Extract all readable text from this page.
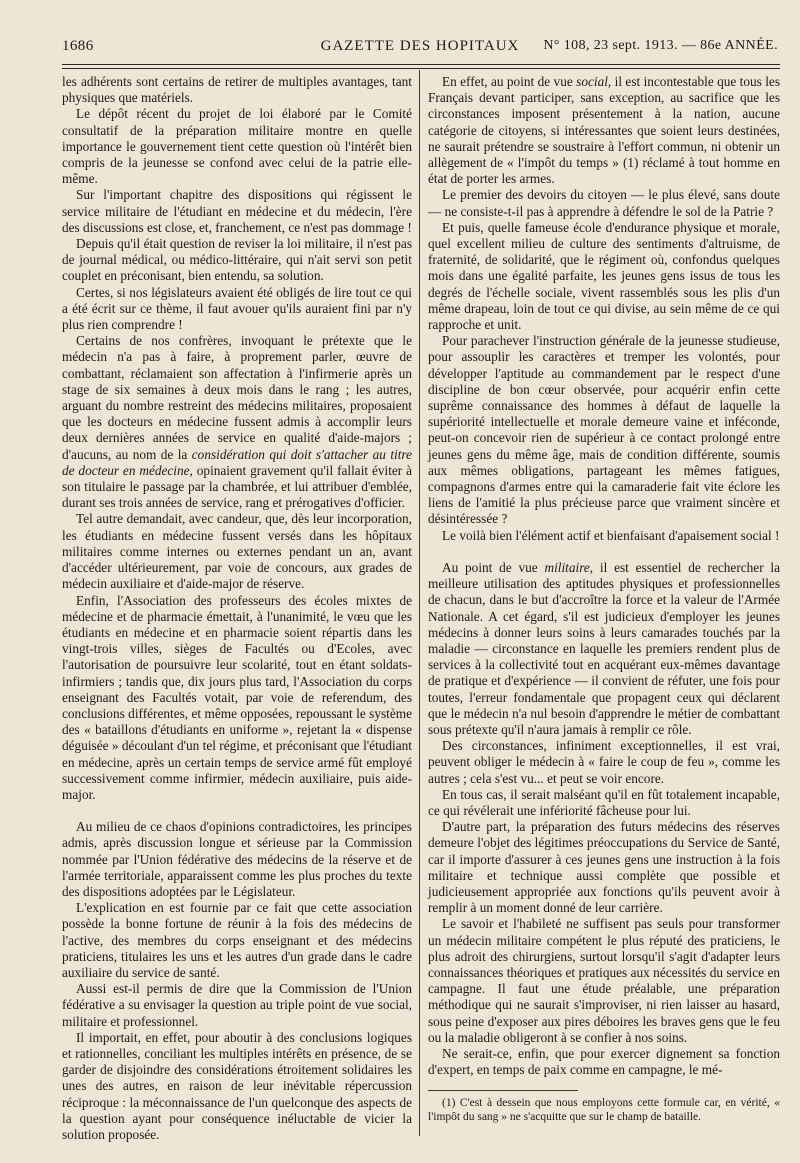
1686	GAZETTE DES HOPITAUX	N° 108, 23 sept. 1913. — 86e ANNÉE.

les adhérents sont certains de retirer de multiples avantages, tant physiques que matériels.

Le dépôt récent du projet de loi élaboré par le Comité consultatif de la préparation militaire montre en quelle importance le gouvernement tient cette question où l'intérêt bien compris de la jeunesse se confond avec celui de la patrie elle-même.

Sur l'important chapitre des dispositions qui régissent le service militaire de l'étudiant en médecine et du médecin, l'ère des discussions est close, et, franchement, ce n'est pas dommage !

Depuis qu'il était question de reviser la loi militaire, il n'est pas de journal médical, ou médico-littéraire, qui n'ait servi son petit couplet en préconisant, bien entendu, sa solution.

Certes, si nos législateurs avaient été obligés de lire tout ce qui a été écrit sur ce thème, il faut avouer qu'ils auraient fini par n'y plus rien comprendre !

Certains de nos confrères, invoquant le prétexte que le médecin n'a pas à faire, à proprement parler, œuvre de combattant, réclamaient son affectation à l'infirmerie après un stage de six semaines à deux mois dans le rang ; les autres, arguant du nombre restreint des médecins militaires, proposaient que les docteurs en médecine fussent admis à accomplir leurs deux dernières années de service en qualité d'aide-majors ; d'aucuns, au nom de la considération qui doit s'attacher au titre de docteur en médecine, opinaient gravement qu'il fallait éviter à son titulaire le passage par la chambrée, et lui attribuer d'emblée, durant ses trois années de service, rang et prérogatives d'officier.

Tel autre demandait, avec candeur, que, dès leur incorporation, les étudiants en médecine fussent versés dans les hôpitaux militaires comme internes ou externes pendant un an, avant d'accéder ultérieurement, par voie de concours, aux grades de médecin auxiliaire et d'aide-major de réserve.

Enfin, l'Association des professeurs des écoles mixtes de médecine et de pharmacie émettait, à l'unanimité, le vœu que les étudiants en médecine et en pharmacie soient répartis dans les vingt-trois villes, sièges de Facultés ou d'Ecoles, avec l'autorisation de poursuivre leur scolarité, tout en étant soldats-infirmiers ; tandis que, dix jours plus tard, l'Association du corps enseignant des Facultés votait, par voie de referendum, des conclusions différentes, et même opposées, repoussant le système des « bataillons d'étudiants en uniforme », rejetant la « dispense déguisée » découlant d'un tel régime, et préconisant que l'étudiant en médecine, après un certain temps de service armé fût employé successivement comme infirmier, médecin auxiliaire, puis aide-major.

Au milieu de ce chaos d'opinions contradictoires, les principes admis, après discussion longue et sérieuse par la Commission nommée par l'Union fédérative des médecins de la réserve et de l'armée territoriale, apparaissent comme les plus proches du texte des dispositions adoptées par le Législateur.

L'explication en est fournie par ce fait que cette association possède la bonne fortune de réunir à la fois des médecins de l'active, des membres du corps enseignant et des médecins praticiens, titulaires les uns et les autres d'un grade dans le cadre auxiliaire du service de santé.

Aussi est-il permis de dire que la Commission de l'Union fédérative a su envisager la question au triple point de vue social, militaire et professionnel.

Il importait, en effet, pour aboutir à des conclusions logiques et rationnelles, conciliant les multiples intérêts en présence, de se garder de disjoindre des considérations étroitement solidaires les unes des autres, en raison de leur inévitable répercussion réciproque : la méconnaissance de l'un quelconque des aspects de la question ayant pour conséquence inéluctable de vicier la solution proposée.

En effet, au point de vue social, il est incontestable que tous les Français devant participer, sans exception, au sacrifice que les circonstances imposent présentement à la nation, aucune catégorie de citoyens, si intéressantes que soient leurs destinées, ne saurait prétendre se soustraire à l'effort commun, ni obtenir un allègement de « l'impôt du temps » (1) réclamé à tout homme en état de porter les armes.

Le premier des devoirs du citoyen — le plus élevé, sans doute — ne consiste-t-il pas à apprendre à défendre le sol de la Patrie ?

Et puis, quelle fameuse école d'endurance physique et morale, quel excellent milieu de culture des sentiments d'altruisme, de fraternité, de solidarité, que le régiment où, confondus quelques mois dans une égalité parfaite, les jeunes gens issus de tous les degrés de l'échelle sociale, vivent rassemblés sous les plis d'un même drapeau, loin de tout ce qui divise, au sein même de ce qui rapproche et unit.

Pour parachever l'instruction générale de la jeunesse studieuse, pour assouplir les caractères et tremper les volontés, pour développer l'aptitude au commandement par le respect d'une discipline de bon cœur observée, pour acquérir enfin cette suprême connaissance des hommes à défaut de laquelle la supériorité intellectuelle et morale demeure vaine et inféconde, peut-on concevoir rien de supérieur à ce contact prolongé entre jeunes gens du même âge, mais de condition différente, soumis aux mêmes obligations, partageant les mêmes fatigues, compagnons d'armes entre qui la camaraderie fait vite éclore les liens de l'amitié la plus précieuse parce que vraiment sincère et désintéressée ?

Le voilà bien l'élément actif et bienfaisant d'apaisement social !

Au point de vue militaire, il est essentiel de rechercher la meilleure utilisation des aptitudes physiques et professionnelles de chacun, dans le but d'accroître la force et la valeur de l'Armée Nationale. A cet égard, s'il est judicieux d'employer les jeunes médecins à donner leurs soins à leurs camarades touchés par la maladie — circonstance en laquelle les premiers rendent plus de services à la collectivité tout en acquérant eux-mêmes davantage de pratique et d'expérience — il convient de réfuter, une fois pour toutes, l'erreur fondamentale que propagent ceux qui déclarent que le médecin n'a nul besoin d'apprendre le métier de combattant sous prétexte qu'il n'aura jamais à remplir ce rôle.

Des circonstances, infiniment exceptionnelles, il est vrai, peuvent obliger le médecin à « faire le coup de feu », comme les autres ; cela s'est vu... et peut se voir encore.

En tous cas, il serait malséant qu'il en fût totalement incapable, ce qui révélerait une infériorité fâcheuse pour lui.

D'autre part, la préparation des futurs médecins des réserves demeure l'objet des légitimes préoccupations du Service de Santé, car il importe d'assurer à ces jeunes gens une instruction à la fois militaire et technique aussi complète que possible et judicieusement appropriée aux fonctions qu'ils peuvent avoir à remplir à un moment donné de leur carrière.

Le savoir et l'habileté ne suffisent pas seuls pour transformer un médecin militaire compétent le plus réputé des praticiens, le plus adroit des chirurgiens, surtout lorsqu'il s'agit d'adapter leurs connaissances théoriques et pratiques aux nécessités du service en campagne. Il faut une étude préalable, une préparation méthodique qui ne saurait s'improviser, ni rien laisser au hasard, sous peine d'exposer aux pires déboires les braves gens que le feu ou la maladie obligeront à se confier à nos soins.

Ne serait-ce, enfin, que pour exercer dignement sa fonction d'expert, en temps de paix comme en campagne, le mé-

(1) C'est à dessein que nous employons cette formule car, en vérité, « l'impôt du sang » ne s'acquitte que sur le champ de bataille.
